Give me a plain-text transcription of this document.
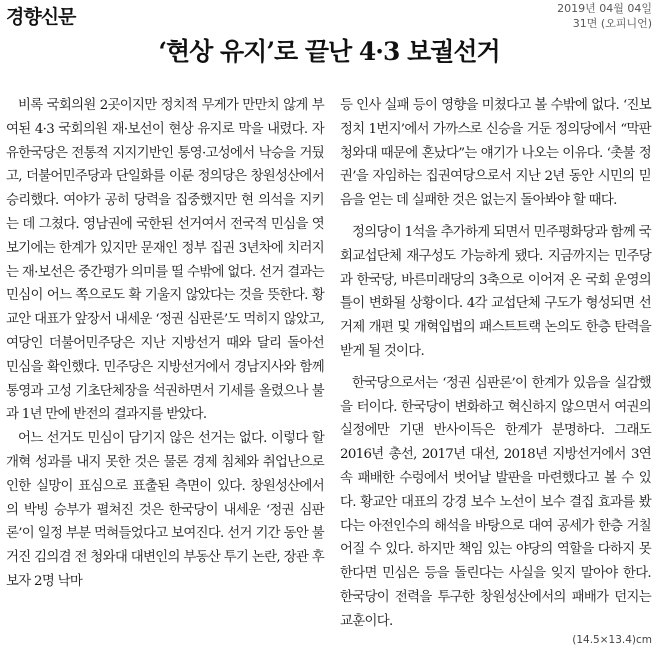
경향신문	2019년 04월 04일
31면 (오피니언)
‘현상 유지’로 끝난 4·3 보궐선거

비록 국회의원 2곳이지만 정치적 무게가 만만치 않게 부여된 4·3 국회의원 재·보선이 현상 유지로 막을 내렸다. 자유한국당은 전통적 지지기반인 통영·고성에서 낙승을 거뒀고, 더불어민주당과 단일화를 이룬 정의당은 창원성산에서 승리했다. 여야가 공히 당력을 집중했지만 현 의석을 지키는 데 그쳤다. 영남권에 국한된 선거여서 전국적 민심을 엿보기에는 한계가 있지만 문재인 정부 집권 3년차에 치러지는 재·보선은 중간평가 의미를 띨 수밖에 없다. 선거 결과는 민심이 어느 쪽으로도 확 기울지 않았다는 것을 뜻한다. 황교안 대표가 앞장서 내세운 ‘정권 심판론’도 먹히지 않았고, 여당인 더불어민주당은 지난 지방선거 때와 달리 돌아선 민심을 확인했다. 민주당은 지방선거에서 경남지사와 함께 통영과 고성 기초단체장을 석권하면서 기세를 올렸으나 불과 1년 만에 반전의 결과지를 받았다.

어느 선거도 민심이 담기지 않은 선거는 없다. 이렇다 할 개혁 성과를 내지 못한 것은 물론 경제 침체와 취업난으로 인한 실망이 표심으로 표출된 측면이 있다. 창원성산에서의 박빙 승부가 펼쳐진 것은 한국당이 내세운 ‘정권 심판론’이 일정 부분 먹혀들었다고 보여진다. 선거 기간 동안 불거진 김의겸 전 청와대 대변인의 부동산 투기 논란, 장관 후보자 2명 낙마

등 인사 실패 등이 영향을 미쳤다고 볼 수밖에 없다. ‘진보정치 1번지’에서 가까스로 신승을 거둔 정의당에서 “막판 청와대 때문에 혼났다”는 얘기가 나오는 이유다. ‘촛불 정권’을 자임하는 집권여당으로서 지난 2년 동안 시민의 믿음을 얻는 데 실패한 것은 없는지 돌아봐야 할 때다.

정의당이 1석을 추가하게 되면서 민주평화당과 함께 국회교섭단체 재구성도 가능하게 됐다. 지금까지는 민주당과 한국당, 바른미래당의 3축으로 이어져 온 국회 운영의 틀이 변화될 상황이다. 4각 교섭단체 구도가 형성되면 선거제 개편 및 개혁입법의 패스트트랙 논의도 한층 탄력을 받게 될 것이다.

한국당으로서는 ‘정권 심판론’이 한계가 있음을 실감했을 터이다. 한국당이 변화하고 혁신하지 않으면서 여권의 실정에만 기댄 반사이득은 한계가 분명하다. 그래도 2016년 총선, 2017년 대선, 2018년 지방선거에서 3연속 패배한 수렁에서 벗어날 발판을 마련했다고 볼 수 있다. 황교안 대표의 강경 보수 노선이 보수 결집 효과를 봤다는 아전인수의 해석을 바탕으로 대여 공세가 한층 거칠어질 수 있다. 하지만 책임 있는 야당의 역할을 다하지 못한다면 민심은 등을 돌린다는 사실을 잊지 말아야 한다. 한국당이 전력을 투구한 창원성산에서의 패배가 던지는 교훈이다.

(14.5×13.4)cm
